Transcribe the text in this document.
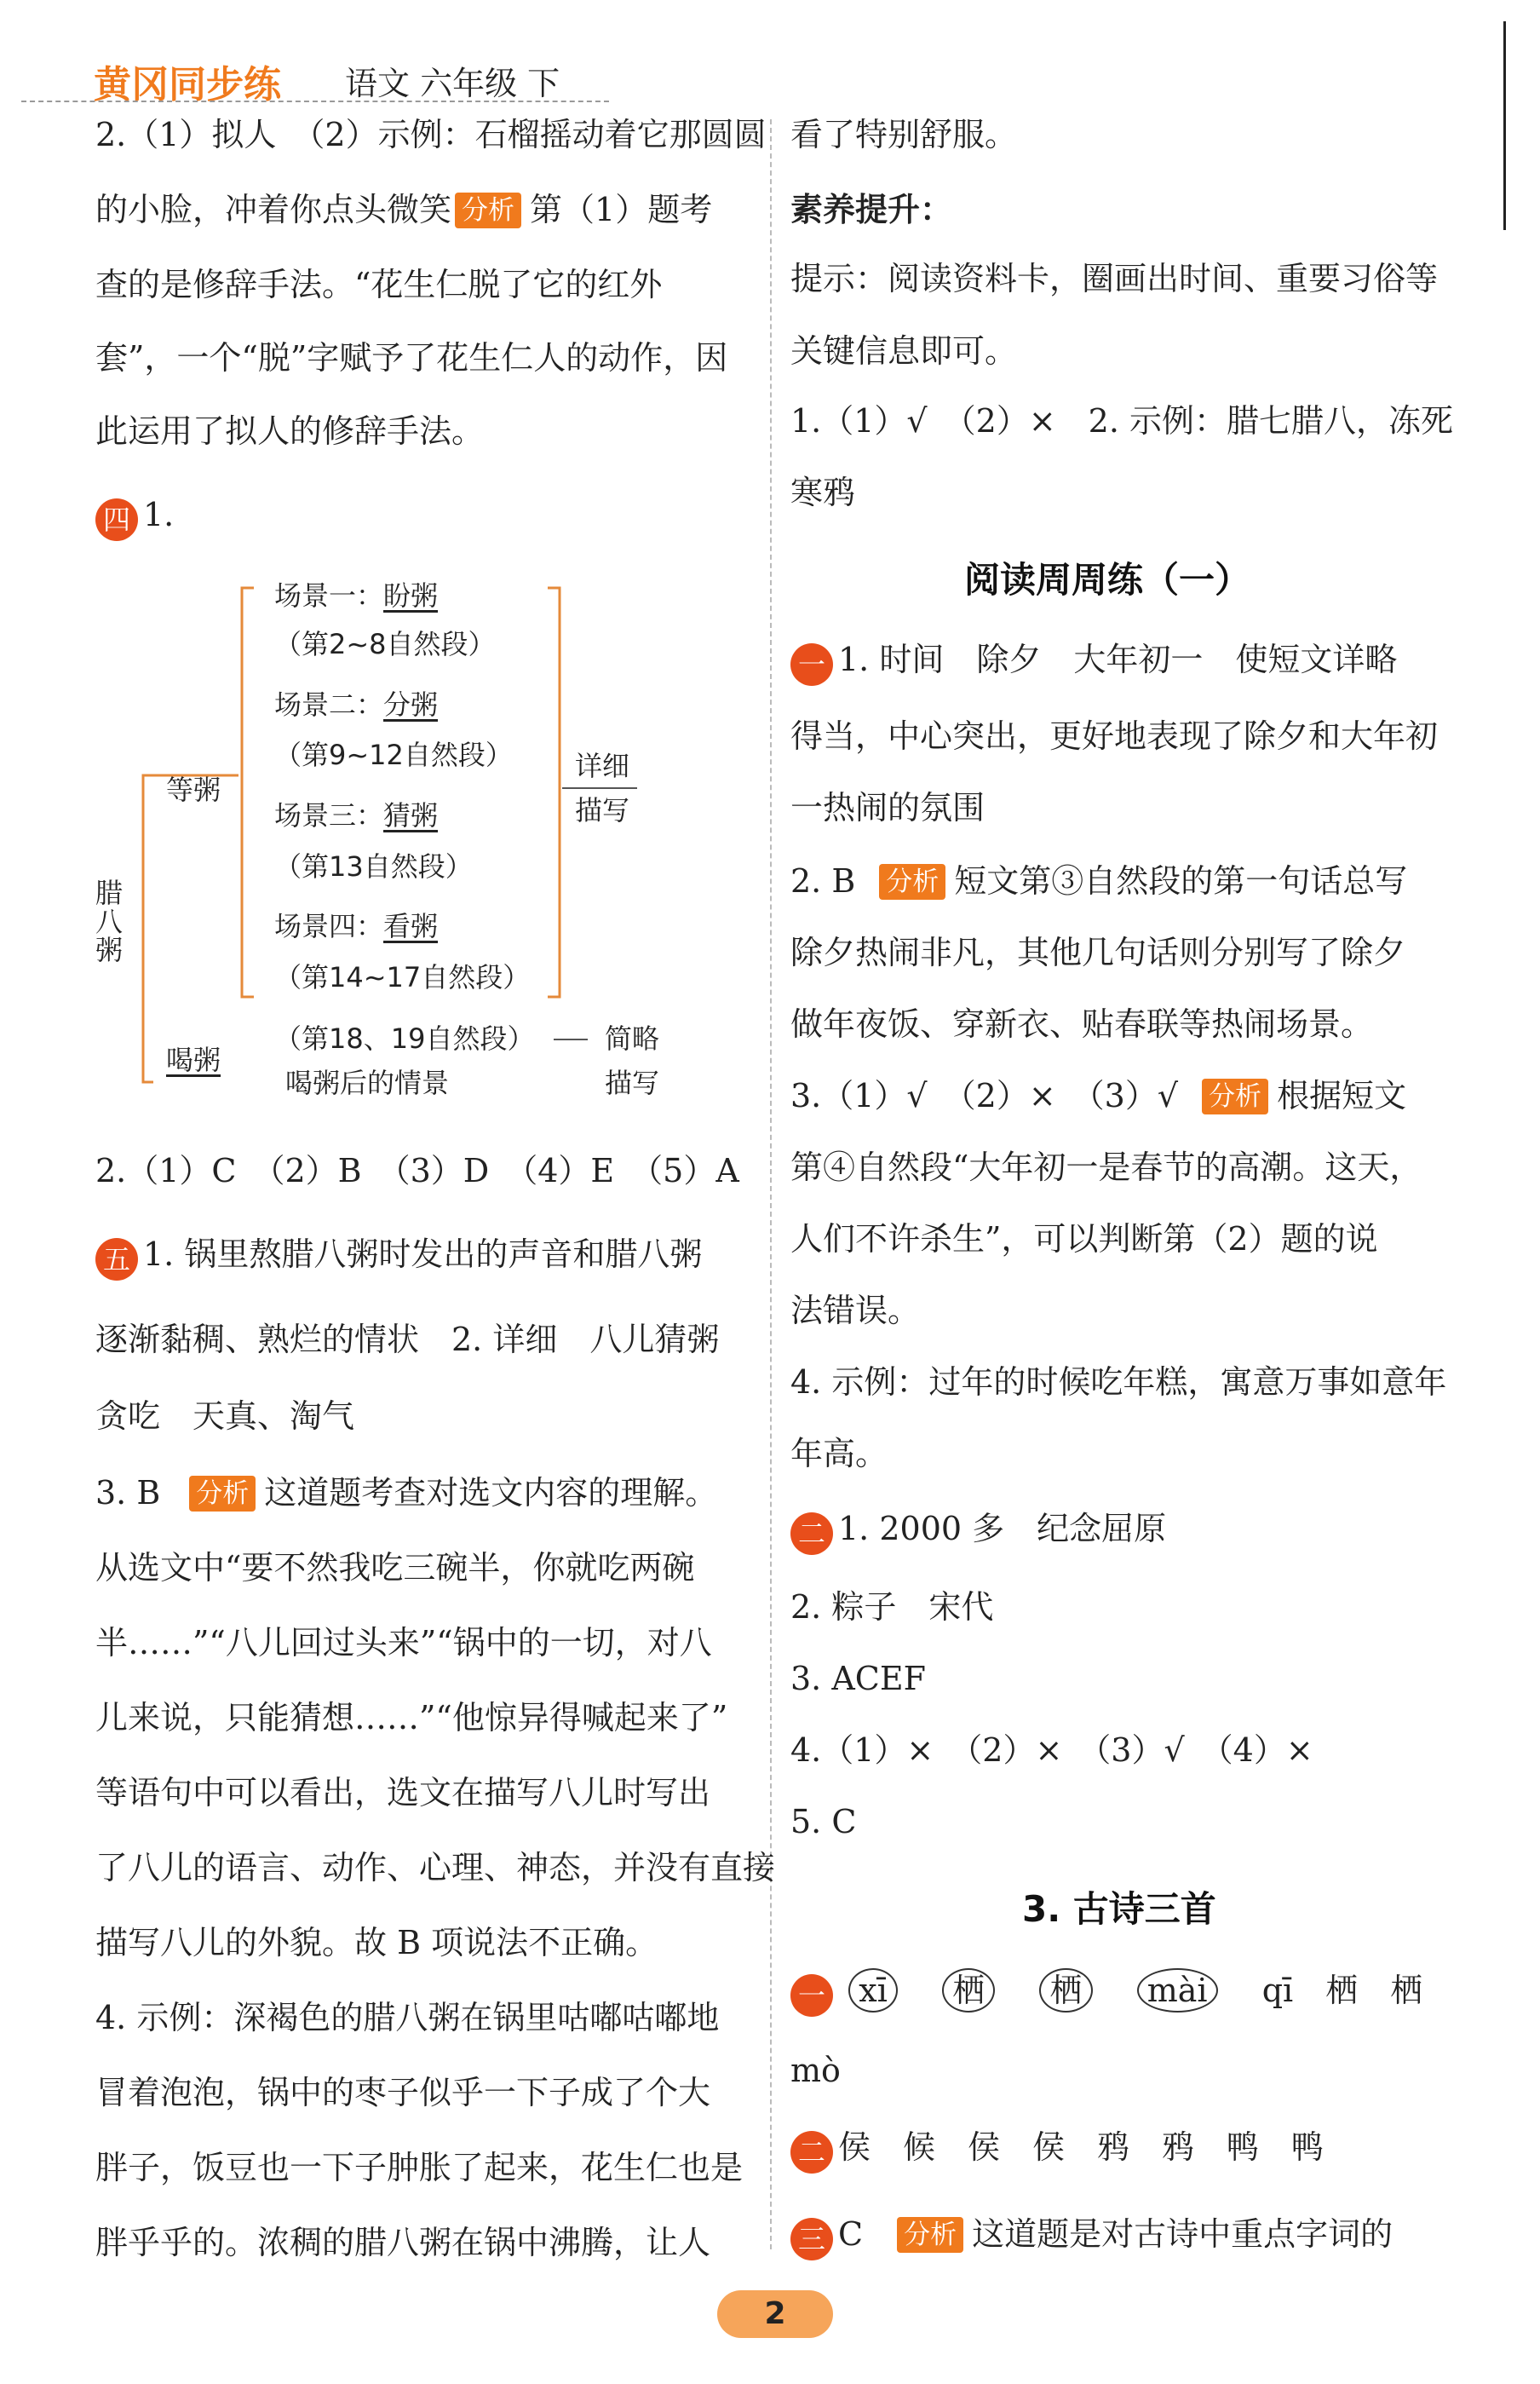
黄冈同步练 语文 六年级 下
2.（1）拟人　（2）示例：石榴摇动着它那圆圆
的小脸，冲着你点头微笑 分析 第（1）题考
查的是修辞手法。“花生仁脱了它的红外
套”，一个“脱”字赋予了花生仁人的动作，因
此运用了拟人的修辞手法。
四 1.
腊八粥
等粥
喝粥
场景一：盼粥
（第2~8自然段）
场景二：分粥
（第9~12自然段）
场景三：猜粥
（第13自然段）
场景四：看粥
（第14~17自然段）
详细
描写
（第18、19自然段）
喝粥后的情景
简略
描写
2.（1）C　（2）B　（3）D　（4）E　（5）A
五 1. 锅里熬腊八粥时发出的声音和腊八粥
逐渐黏稠、熟烂的情状　2. 详细　八儿猜粥
贪吃　天真、淘气
3. B 分析 这道题考查对选文内容的理解。
从选文中“要不然我吃三碗半，你就吃两碗
半……”“八儿回过头来”“锅中的一切，对八
儿来说，只能猜想……”“他惊异得喊起来了”
等语句中可以看出，选文在描写八儿时写出
了八儿的语言、动作、心理、神态，并没有直接
描写八儿的外貌。故 B 项说法不正确。
4. 示例：深褐色的腊八粥在锅里咕嘟咕嘟地
冒着泡泡，锅中的枣子似乎一下子成了个大
胖子，饭豆也一下子肿胀了起来，花生仁也是
胖乎乎的。浓稠的腊八粥在锅中沸腾，让人
看了特别舒服。
素养提升：
提示：阅读资料卡，圈画出时间、重要习俗等
关键信息即可。
1.（1）√　（2）×　2. 示例：腊七腊八，冻死
寒鸦
阅读周周练（一）
一 1. 时间　除夕　大年初一　使短文详略
得当，中心突出，更好地表现了除夕和大年初
一热闹的氛围
2. B 分析 短文第③自然段的第一句话总写
除夕热闹非凡，其他几句话则分别写了除夕
做年夜饭、穿新衣、贴春联等热闹场景。
3.（1）√　（2）×　（3）√ 分析 根据短文
第④自然段“大年初一是春节的高潮。这天，
人们不许杀生”，可以判断第（2）题的说
法错误。
4. 示例：过年的时候吃年糕，寓意万事如意年
年高。
二 1. 2000 多　纪念屈原
2. 粽子　宋代
3. ACEF
4.（1）×　（2）×　（3）√　（4）×
5. C
3. 古诗三首
一 xī 栖 栖 mài qī　栖　栖
mò
二 侯　候　侯　侯　鸦　鸦　鸭　鸭
三 C 分析 这道题是对古诗中重点字词的
2
